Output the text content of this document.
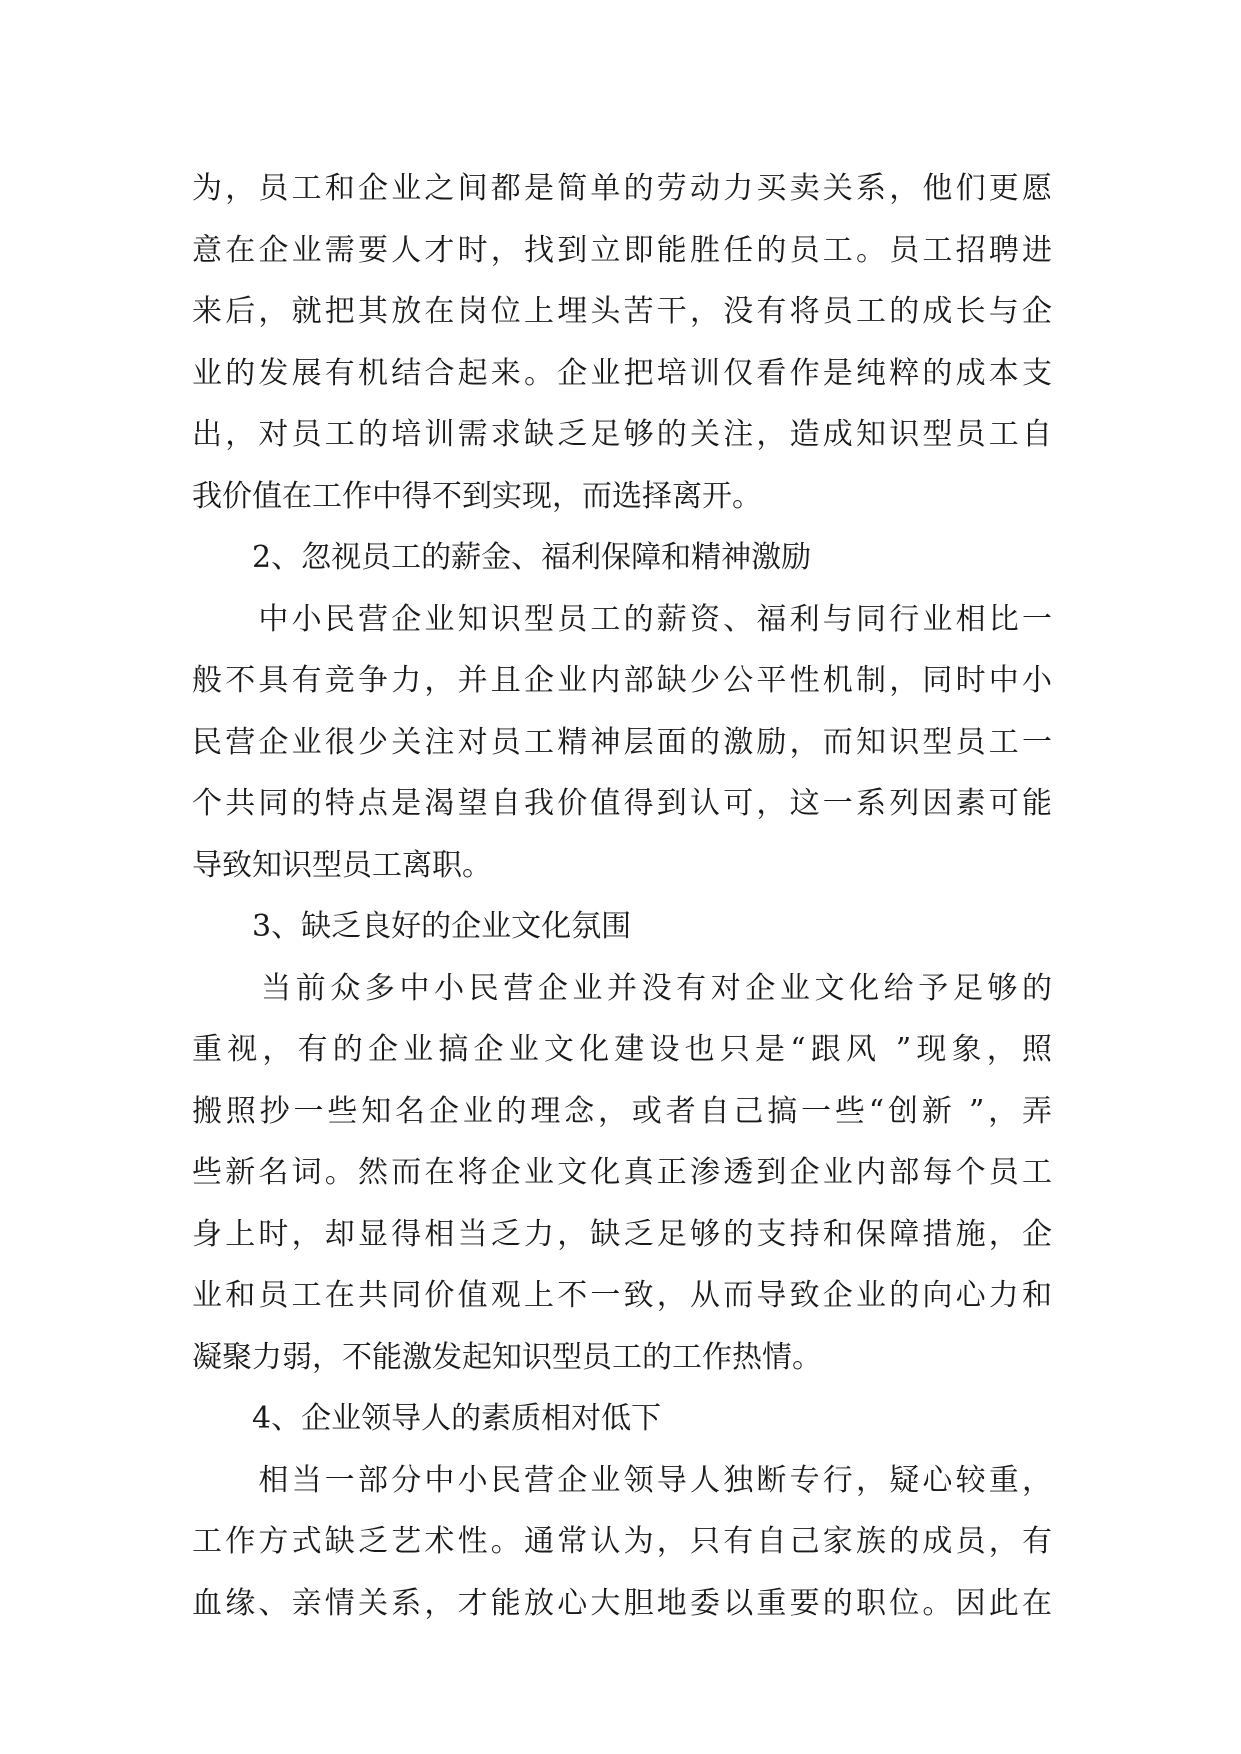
为，员工和企业之间都是简单的劳动力买卖关系，他们更愿
意在企业需要人才时，找到立即能胜任的员工。员工招聘进
来后，就把其放在岗位上埋头苦干，没有将员工的成长与企
业的发展有机结合起来。企业把培训仅看作是纯粹的成本支
出，对员工的培训需求缺乏足够的关注，造成知识型员工自
我价值在工作中得不到实现，而选择离开。
2、忽视员工的薪金、福利保障和精神激励
　　中小民营企业知识型员工的薪资、福利与同行业相比一
般不具有竞争力，并且企业内部缺少公平性机制，同时中小
民营企业很少关注对员工精神层面的激励，而知识型员工一
个共同的特点是渴望自我价值得到认可，这一系列因素可能
导致知识型员工离职。
3、缺乏良好的企业文化氛围
　　当前众多中小民营企业并没有对企业文化给予足够的
重视，有的企业搞企业文化建设也只是“跟风 ”现象，照
搬照抄一些知名企业的理念，或者自己搞一些“创新 ”，弄
些新名词。然而在将企业文化真正渗透到企业内部每个员工
身上时，却显得相当乏力，缺乏足够的支持和保障措施，企
业和员工在共同价值观上不一致，从而导致企业的向心力和
凝聚力弱，不能激发起知识型员工的工作热情。
4、企业领导人的素质相对低下
　　相当一部分中小民营企业领导人独断专行，疑心较重，
工作方式缺乏艺术性。通常认为，只有自己家族的成员，有
血缘、亲情关系，才能放心大胆地委以重要的职位。因此在
